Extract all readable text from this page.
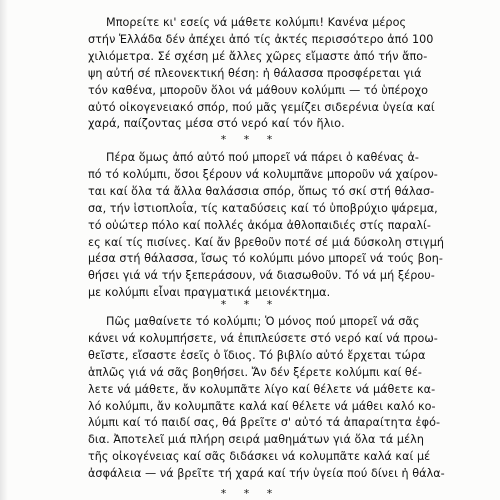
Μπορείτε κι' εσείς νά μάθετε κολύμπι! Κανένα μέρος
στήν Ἑλλάδα δέν ἀπέχει ἀπό τίς ἀκτές περισσότερο ἀπό 100
χιλιόμετρα. Σέ σχέση μέ ἄλλες χῶρες εἴμαστε ἀπό τήν ἄπο-
ψη αὐτή σέ πλεονεκτική θέση: ἡ θάλασσα προσφέρεται γιά
τόν καθένα, μποροῦν ὅλοι νά μάθουν κολύμπι — τό ὑπέροχο
αὐτό οἰκογενειακό σπόρ, πού μᾶς γεμίζει σιδερένια ὑγεία καί
χαρά, παίζοντας μέσα στό νερό καί τόν ἥλιο.
* * *
Πέρα ὅμως ἀπό αὐτό πού μπορεῖ νά πάρει ὁ καθένας ἀ-
πό τό κολύμπι, ὅσοι ξέρουν νά κολυμπᾶνε μποροῦν νά χαίρον-
ται καί ὅλα τά ἄλλα θαλάσσια σπόρ, ὅπως τό σκί στή θάλασ-
σα, τήν ἱστιοπλοΐα, τίς καταδύσεις καί τό ὑποβρύχιο ψάρεμα,
τό οὐώτερ πόλο καί πολλές ἀκόμα ἀθλοπαιδιές στίς παραλί-
ες καί τίς πισίνες. Καί ἄν βρεθοῦν ποτέ σέ μιά δύσκολη στιγμή
μέσα στή θάλασσα, ἴσως τό κολύμπι μόνο μπορεῖ νά τούς βοη-
θήσει γιά νά τήν ξεπεράσουν, νά διασωθοῦν. Τό νά μή ξέρου-
με κολύμπι εἶναι πραγματικά μειονέκτημα.
* * *
Πῶς μαθαίνετε τό κολύμπι; Ὁ μόνος πού μπορεῖ νά σᾶς
κάνει νά κολυμπήσετε, νά ἐπιπλεύσετε στό νερό καί νά προω-
θεῖστε, εἴσαστε ἐσεῖς ὁ ἴδιος. Τό βιβλίο αὐτό ἔρχεται τώρα
ἁπλῶς γιά νά σᾶς βοηθήσει. Ἄν δέν ξέρετε κολύμπι καί θέ-
λετε νά μάθετε, ἄν κολυμπᾶτε λίγο καί θέλετε νά μάθετε κα-
λό κολύμπι, ἄν κολυμπᾶτε καλά καί θέλετε νά μάθει καλό κο-
λύμπι καί τό παιδί σας, θά βρεῖτε σ' αὐτό τά ἀπαραίτητα ἐφό-
δια. Ἀποτελεῖ μιά πλήρη σειρά μαθημάτων γιά ὅλα τά μέλη
τῆς οἰκογένειας καί σᾶς διδάσκει νά κολυμπᾶτε καλά καί μέ
ἀσφάλεια — νά βρεῖτε τή χαρά καί τήν ὑγεία πού δίνει ἡ θάλα-
* * *
